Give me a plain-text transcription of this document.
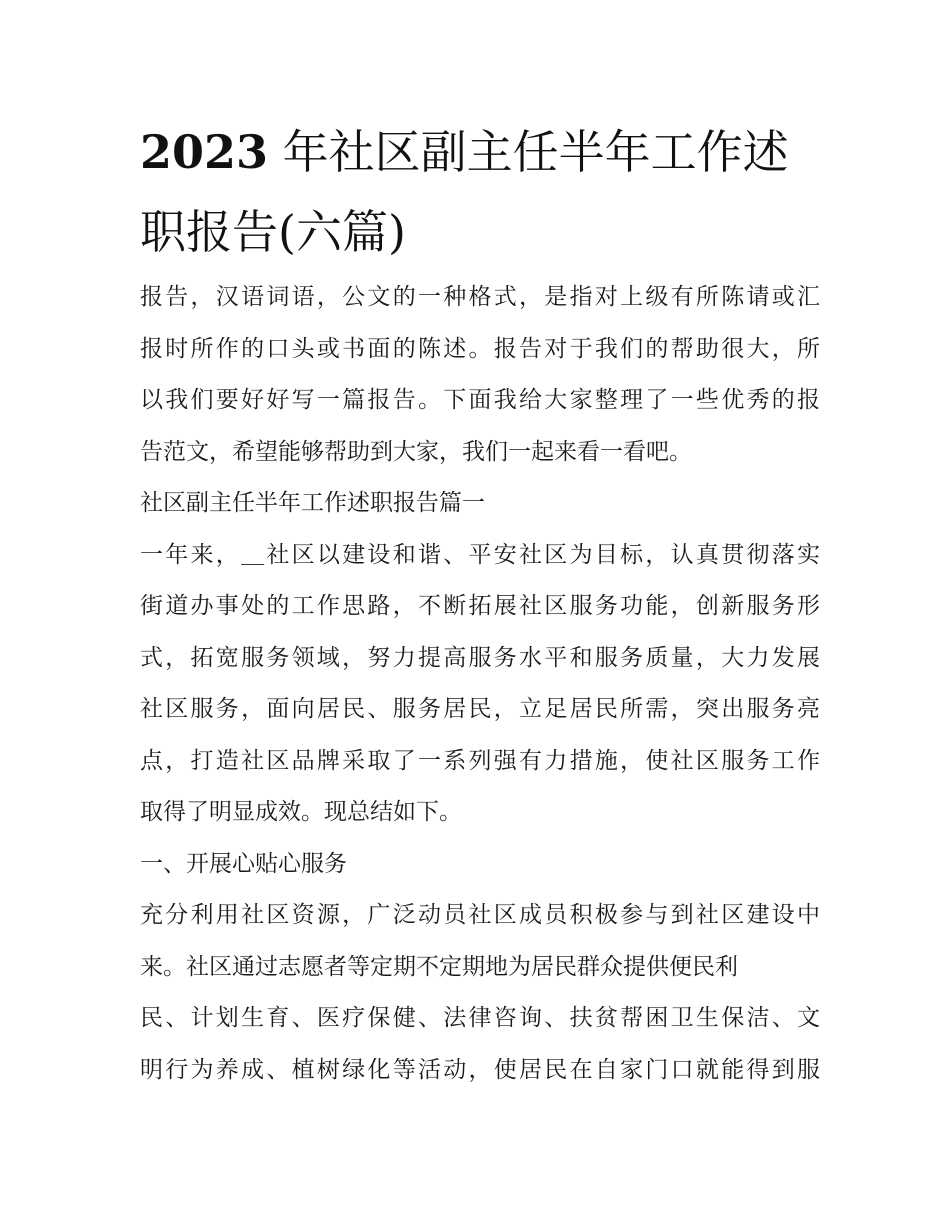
2023 年社区副主任半年工作述
职报告(六篇)
报告，汉语词语，公文的一种格式，是指对上级有所陈请或汇
报时所作的口头或书面的陈述。报告对于我们的帮助很大，所
以我们要好好写一篇报告。下面我给大家整理了一些优秀的报
告范文，希望能够帮助到大家，我们一起来看一看吧。
社区副主任半年工作述职报告篇一
一年来，＿社区以建设和谐、平安社区为目标，认真贯彻落实
街道办事处的工作思路，不断拓展社区服务功能，创新服务形
式，拓宽服务领域，努力提高服务水平和服务质量，大力发展
社区服务，面向居民、服务居民，立足居民所需，突出服务亮
点，打造社区品牌采取了一系列强有力措施，使社区服务工作
取得了明显成效。现总结如下。
一、开展心贴心服务
充分利用社区资源，广泛动员社区成员积极参与到社区建设中
来。社区通过志愿者等定期不定期地为居民群众提供便民利
民、计划生育、医疗保健、法律咨询、扶贫帮困卫生保洁、文
明行为养成、植树绿化等活动，使居民在自家门口就能得到服
